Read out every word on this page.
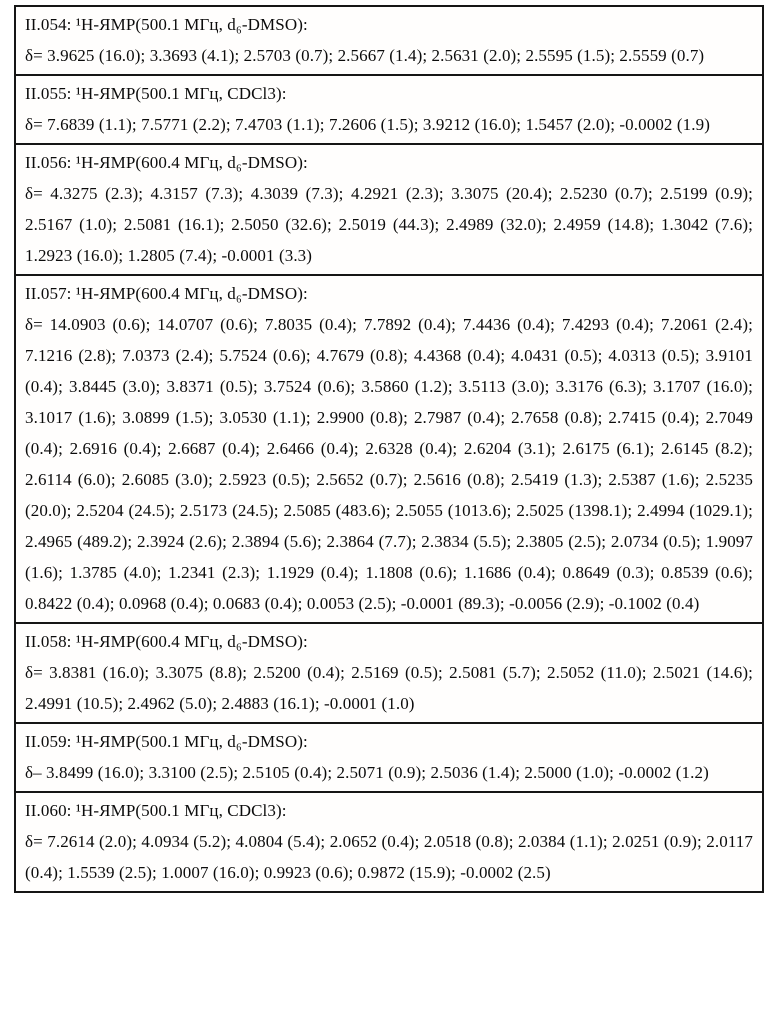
II.054: ¹H-ЯМР(500.1 МГц, d₆-DMSO):

δ= 3.9625 (16.0); 3.3693 (4.1); 2.5703 (0.7); 2.5667 (1.4); 2.5631 (2.0); 2.5595 (1.5); 2.5559 (0.7)

II.055: ¹H-ЯМР(500.1 МГц, CDCl3):

δ= 7.6839 (1.1); 7.5771 (2.2); 7.4703 (1.1); 7.2606 (1.5); 3.9212 (16.0); 1.5457 (2.0); -0.0002 (1.9)

II.056: ¹H-ЯМР(600.4 МГц, d₆-DMSO):

δ= 4.3275 (2.3); 4.3157 (7.3); 4.3039 (7.3); 4.2921 (2.3); 3.3075 (20.4); 2.5230 (0.7); 2.5199 (0.9); 2.5167 (1.0); 2.5081 (16.1); 2.5050 (32.6); 2.5019 (44.3); 2.4989 (32.0); 2.4959 (14.8); 1.3042 (7.6); 1.2923 (16.0); 1.2805 (7.4); -0.0001 (3.3)

II.057: ¹H-ЯМР(600.4 МГц, d₆-DMSO):

δ= 14.0903 (0.6); 14.0707 (0.6); 7.8035 (0.4); 7.7892 (0.4); 7.4436 (0.4); 7.4293 (0.4); 7.2061 (2.4); 7.1216 (2.8); 7.0373 (2.4); 5.7524 (0.6); 4.7679 (0.8); 4.4368 (0.4); 4.0431 (0.5); 4.0313 (0.5); 3.9101 (0.4); 3.8445 (3.0); 3.8371 (0.5); 3.7524 (0.6); 3.5860 (1.2); 3.5113 (3.0); 3.3176 (6.3); 3.1707 (16.0); 3.1017 (1.6); 3.0899 (1.5); 3.0530 (1.1); 2.9900 (0.8); 2.7987 (0.4); 2.7658 (0.8); 2.7415 (0.4); 2.7049 (0.4); 2.6916 (0.4); 2.6687 (0.4); 2.6466 (0.4); 2.6328 (0.4); 2.6204 (3.1); 2.6175 (6.1); 2.6145 (8.2); 2.6114 (6.0); 2.6085 (3.0); 2.5923 (0.5); 2.5652 (0.7); 2.5616 (0.8); 2.5419 (1.3); 2.5387 (1.6); 2.5235 (20.0); 2.5204 (24.5); 2.5173 (24.5); 2.5085 (483.6); 2.5055 (1013.6); 2.5025 (1398.1); 2.4994 (1029.1); 2.4965 (489.2); 2.3924 (2.6); 2.3894 (5.6); 2.3864 (7.7); 2.3834 (5.5); 2.3805 (2.5); 2.0734 (0.5); 1.9097 (1.6); 1.3785 (4.0); 1.2341 (2.3); 1.1929 (0.4); 1.1808 (0.6); 1.1686 (0.4); 0.8649 (0.3); 0.8539 (0.6); 0.8422 (0.4); 0.0968 (0.4); 0.0683 (0.4); 0.0053 (2.5); -0.0001 (89.3); -0.0056 (2.9); -0.1002 (0.4)

II.058: ¹H-ЯМР(600.4 МГц, d₆-DMSO):

δ= 3.8381 (16.0); 3.3075 (8.8); 2.5200 (0.4); 2.5169 (0.5); 2.5081 (5.7); 2.5052 (11.0); 2.5021 (14.6); 2.4991 (10.5); 2.4962 (5.0); 2.4883 (16.1); -0.0001 (1.0)

II.059: ¹H-ЯМР(500.1 МГц, d₆-DMSO):

δ– 3.8499 (16.0); 3.3100 (2.5); 2.5105 (0.4); 2.5071 (0.9); 2.5036 (1.4); 2.5000 (1.0); -0.0002 (1.2)

II.060: ¹H-ЯМР(500.1 МГц, CDCl3):

δ= 7.2614 (2.0); 4.0934 (5.2); 4.0804 (5.4); 2.0652 (0.4); 2.0518 (0.8); 2.0384 (1.1); 2.0251 (0.9); 2.0117 (0.4); 1.5539 (2.5); 1.0007 (16.0); 0.9923 (0.6); 0.9872 (15.9); -0.0002 (2.5)
